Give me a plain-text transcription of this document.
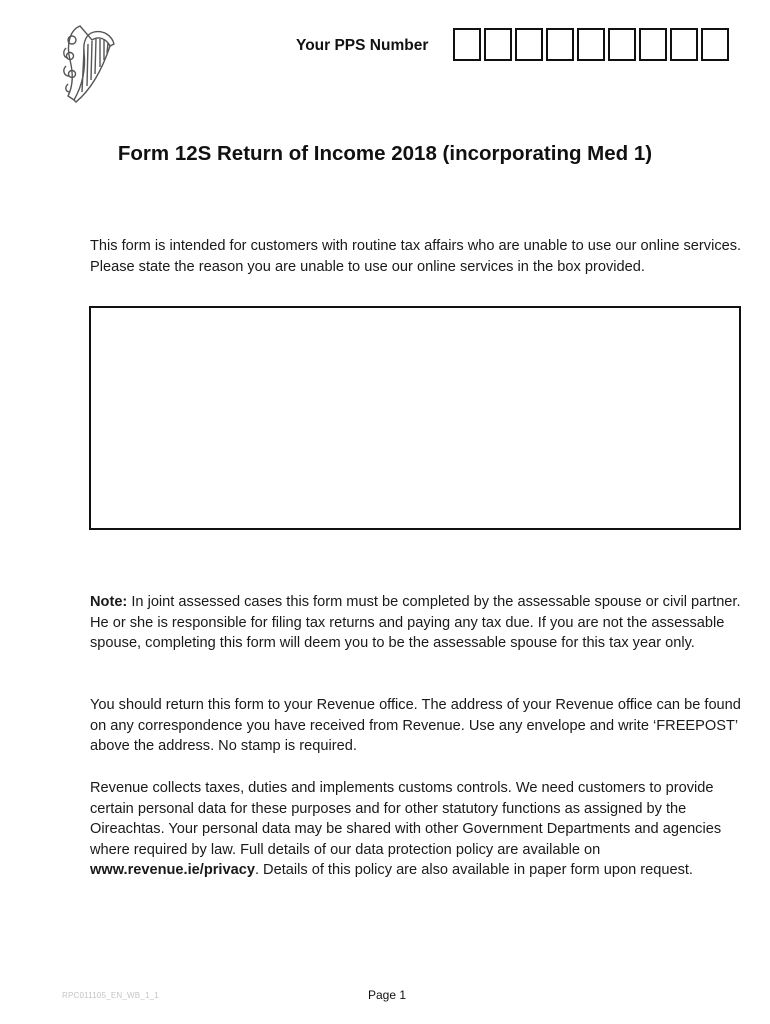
Your PPS Number
Form 12S Return of Income 2018 (incorporating Med 1)
This form is intended for customers with routine tax affairs who are unable to use our online services. Please state the reason you are unable to use our online services in the box provided.
Note: In joint assessed cases this form must be completed by the assessable spouse or civil partner. He or she is responsible for filing tax returns and paying any tax due. If you are not the assessable spouse, completing this form will deem you to be the assessable spouse for this tax year only.
You should return this form to your Revenue office. The address of your Revenue office can be found on any correspondence you have received from Revenue. Use any envelope and write ‘FREEPOST’ above the address. No stamp is required.
Revenue collects taxes, duties and implements customs controls. We need customers to provide certain personal data for these purposes and for other statutory functions as assigned by the Oireachtas. Your personal data may be shared with other Government Departments and agencies where required by law. Full details of our data protection policy are available on www.revenue.ie/privacy. Details of this policy are also available in paper form upon request.
RPC011105_EN_WB_1_1	Page 1
